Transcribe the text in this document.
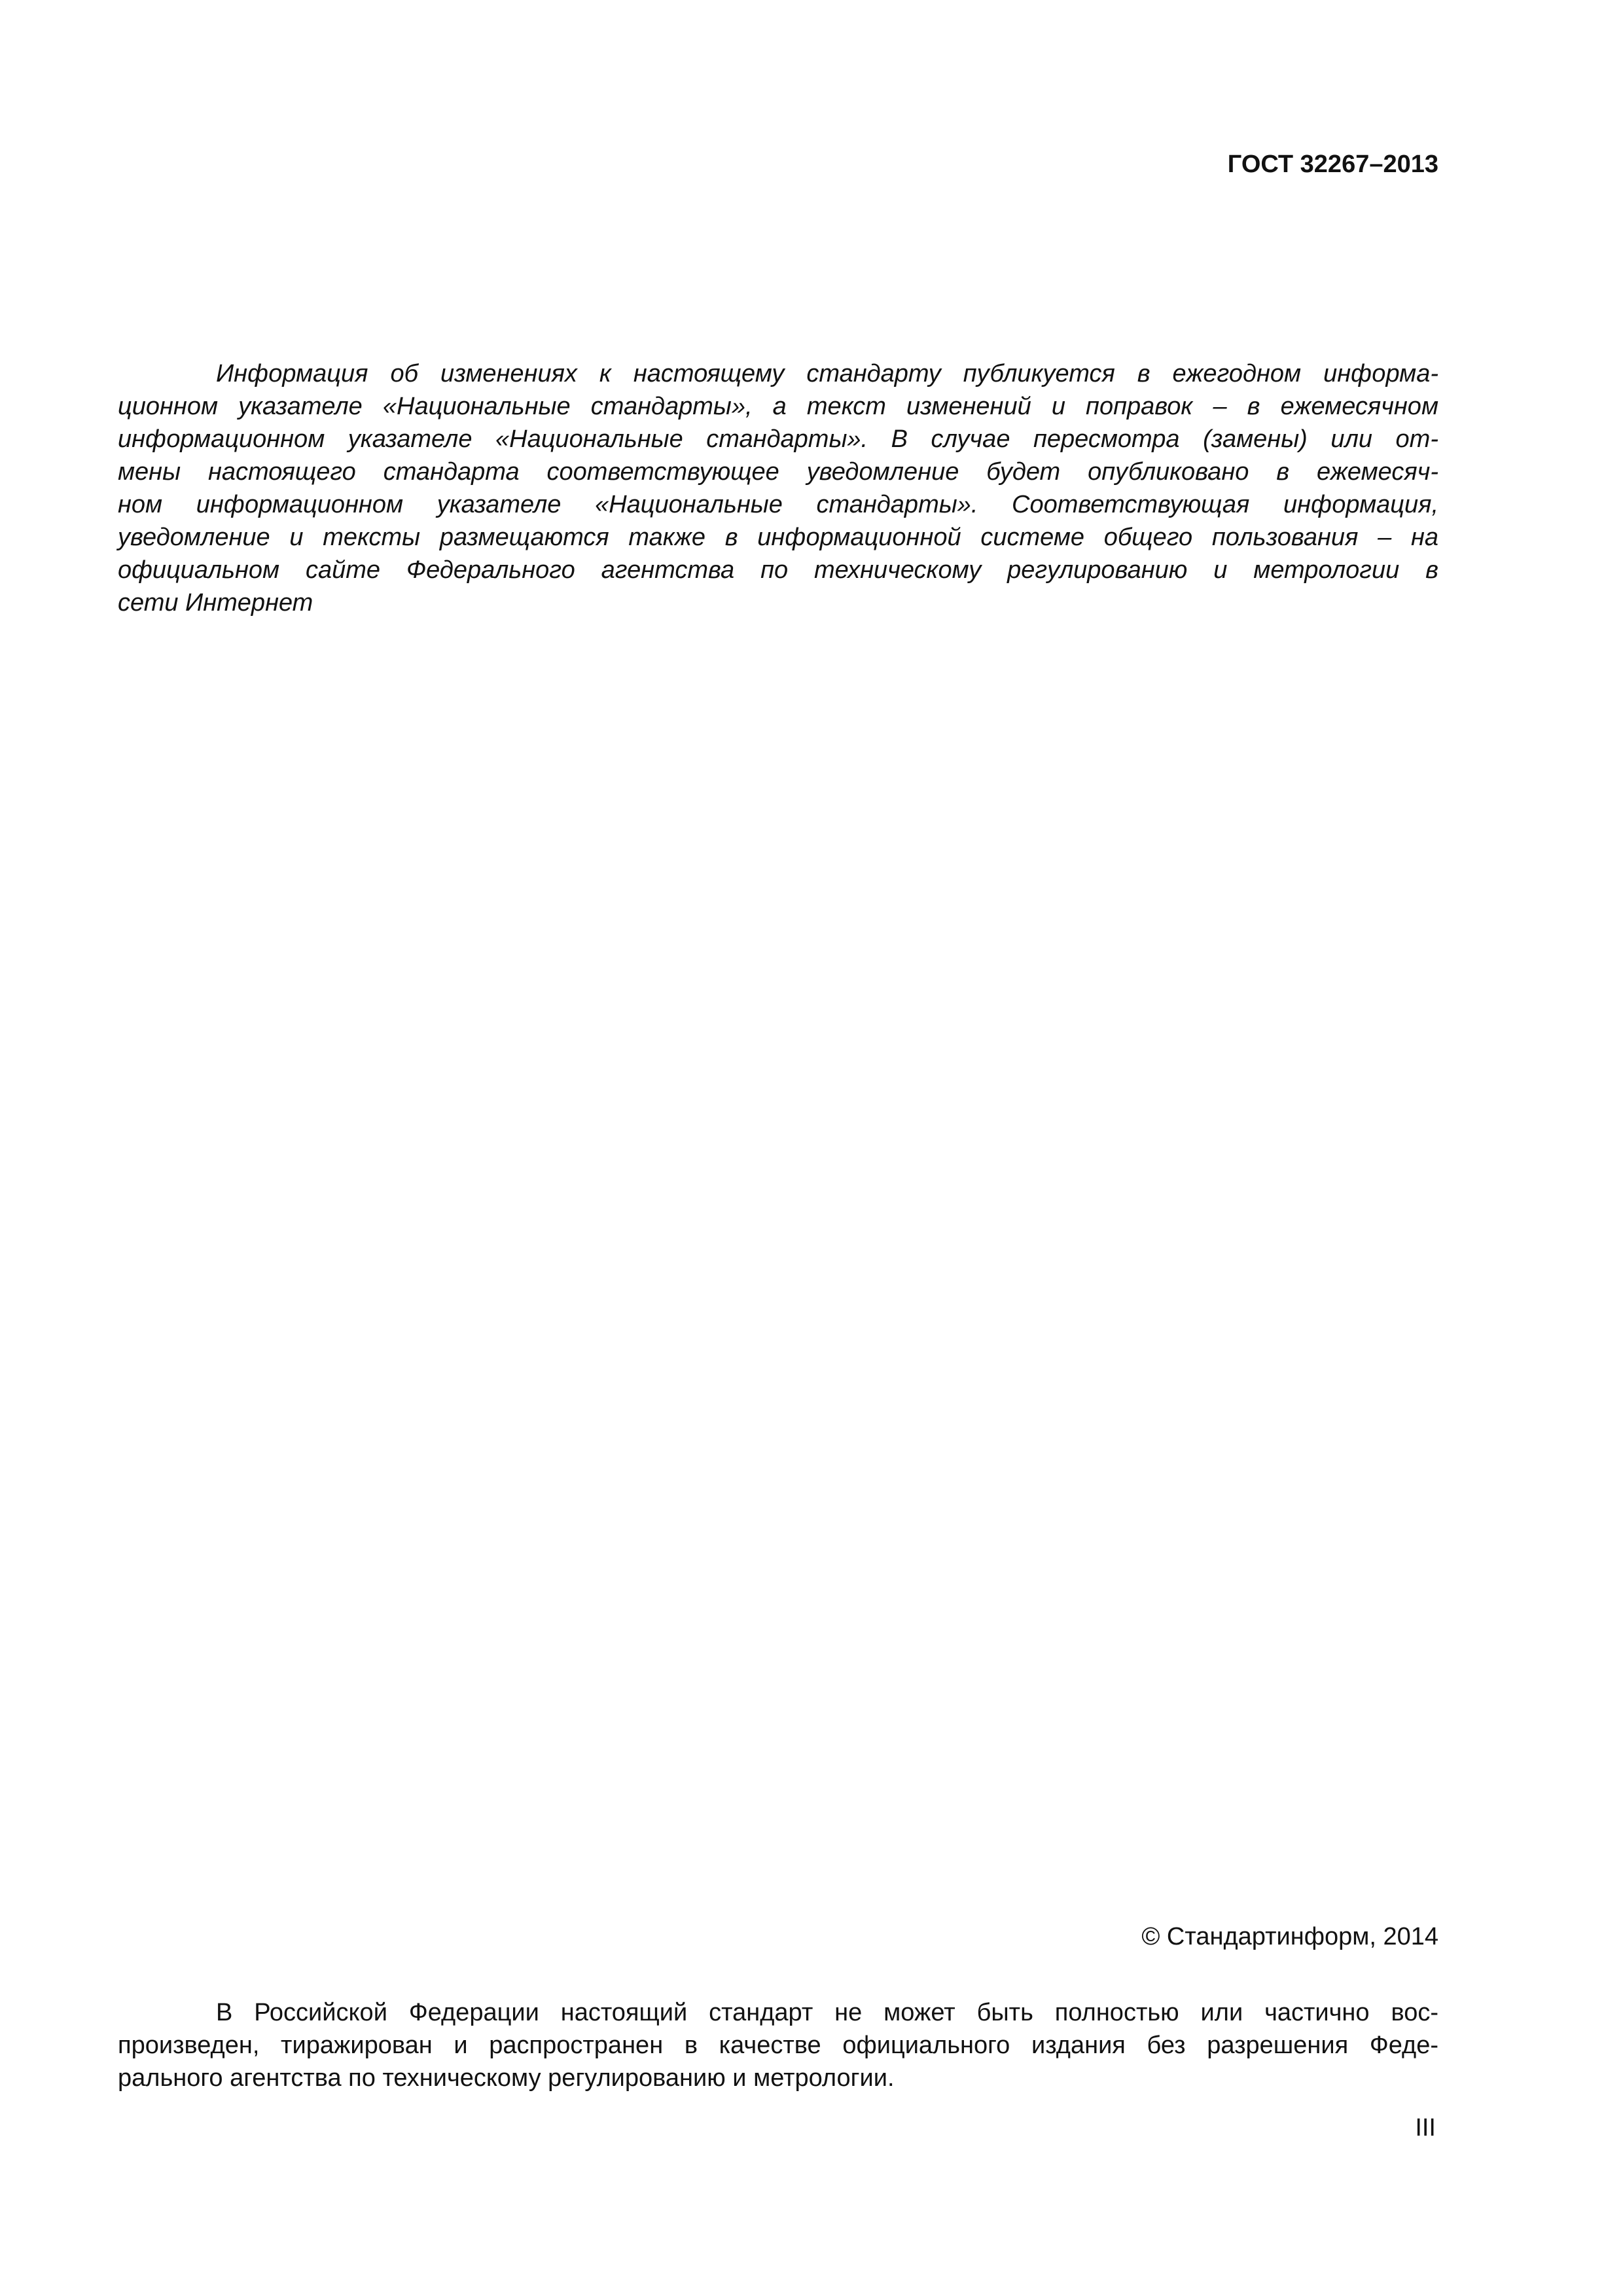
ГОСТ 32267–2013

Информация об изменениях к настоящему стандарту публикуется в ежегодном информа-
ционном указателе «Национальные стандарты», а текст изменений и поправок – в ежемесячном
информационном указателе «Национальные стандарты». В случае пересмотра (замены) или от-
мены настоящего стандарта соответствующее уведомление будет опубликовано в ежемесяч-
ном информационном указателе «Национальные стандарты». Соответствующая информация,
уведомление и тексты размещаются также в информационной системе общего пользования – на
официальном сайте Федерального агентства по техническому регулированию и метрологии в
сети Интернет

© Стандартинформ, 2014

В Российской Федерации настоящий стандарт не может быть полностью или частично вос-
произведен, тиражирован и распространен в качестве официального издания без разрешения Феде-
рального агентства по техническому регулированию и метрологии.

III
